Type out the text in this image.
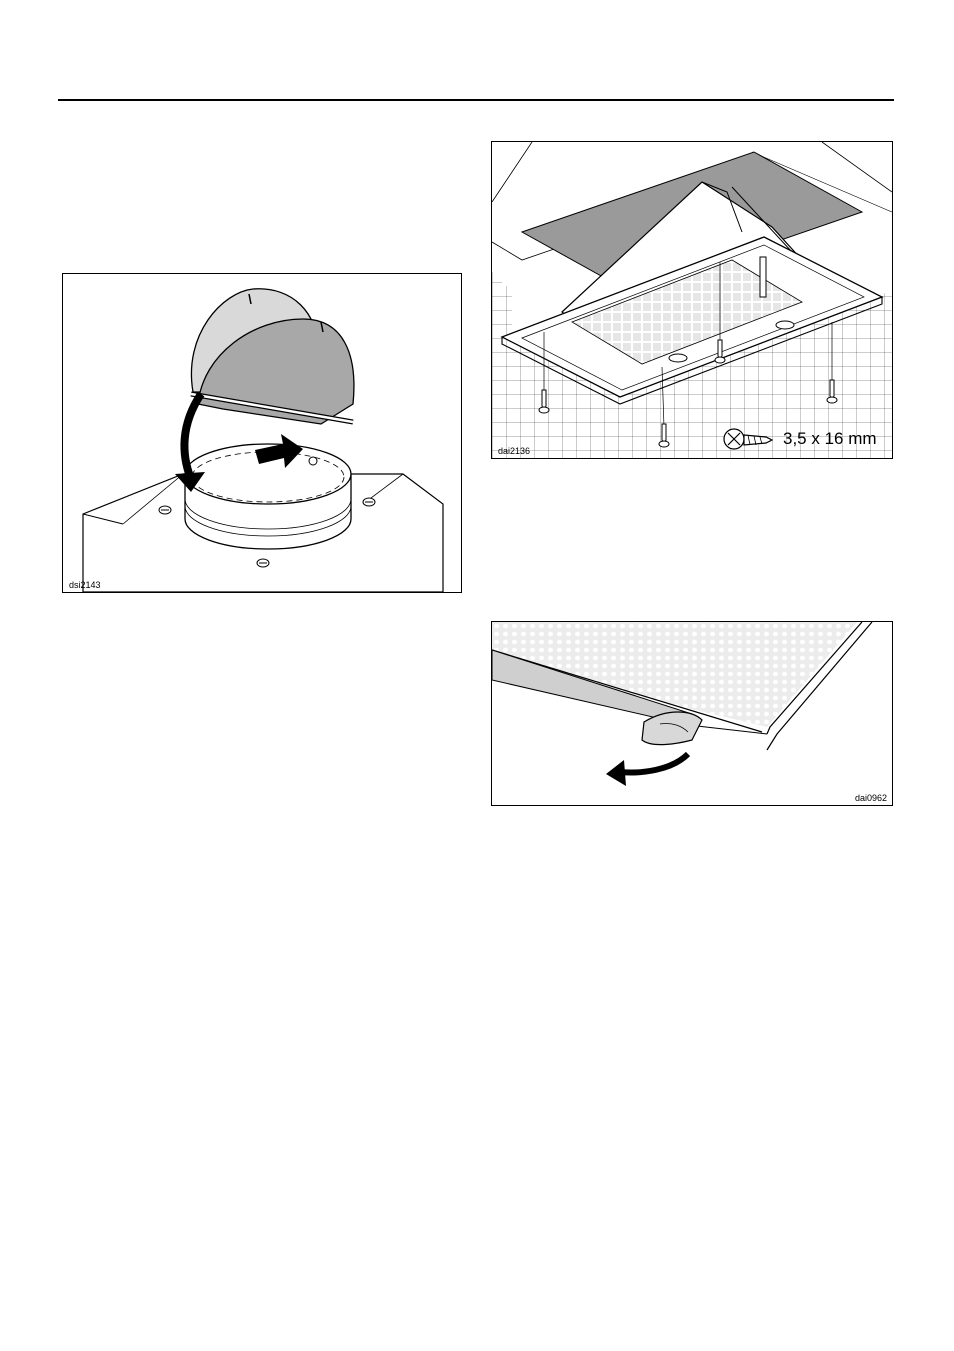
dsi2143
dai2136
3,5 x 16 mm
dai0962
